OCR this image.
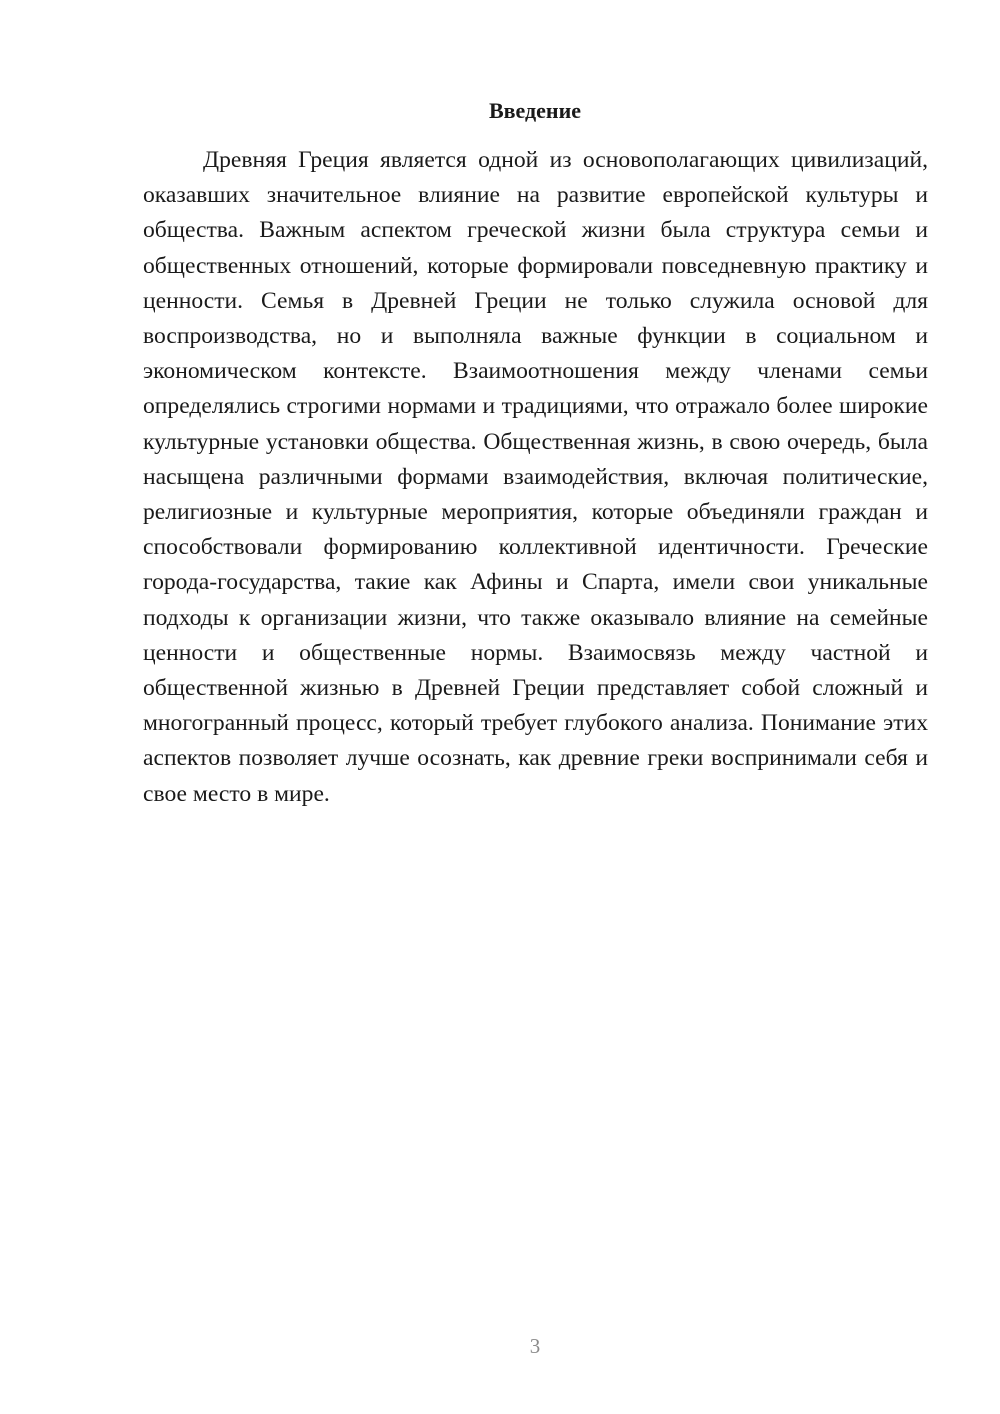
Введение

Древняя Греция является одной из основополагающих цивилизаций, оказавших значительное влияние на развитие европейской культуры и общества. Важным аспектом греческой жизни была структура семьи и общественных отношений, которые формировали повседневную практику и ценности. Семья в Древней Греции не только служила основой для воспроизводства, но и выполняла важные функции в социальном и экономическом контексте. Взаимоотношения между членами семьи определялись строгими нормами и традициями, что отражало более широкие культурные установки общества. Общественная жизнь, в свою очередь, была насыщена различными формами взаимодействия, включая политические, религиозные и культурные мероприятия, которые объединяли граждан и способствовали формированию коллективной идентичности. Греческие города-государства, такие как Афины и Спарта, имели свои уникальные подходы к организации жизни, что также оказывало влияние на семейные ценности и общественные нормы. Взаимосвязь между частной и общественной жизнью в Древней Греции представляет собой сложный и многогранный процесс, который требует глубокого анализа. Понимание этих аспектов позволяет лучше осознать, как древние греки воспринимали себя и свое место в мире.

3
